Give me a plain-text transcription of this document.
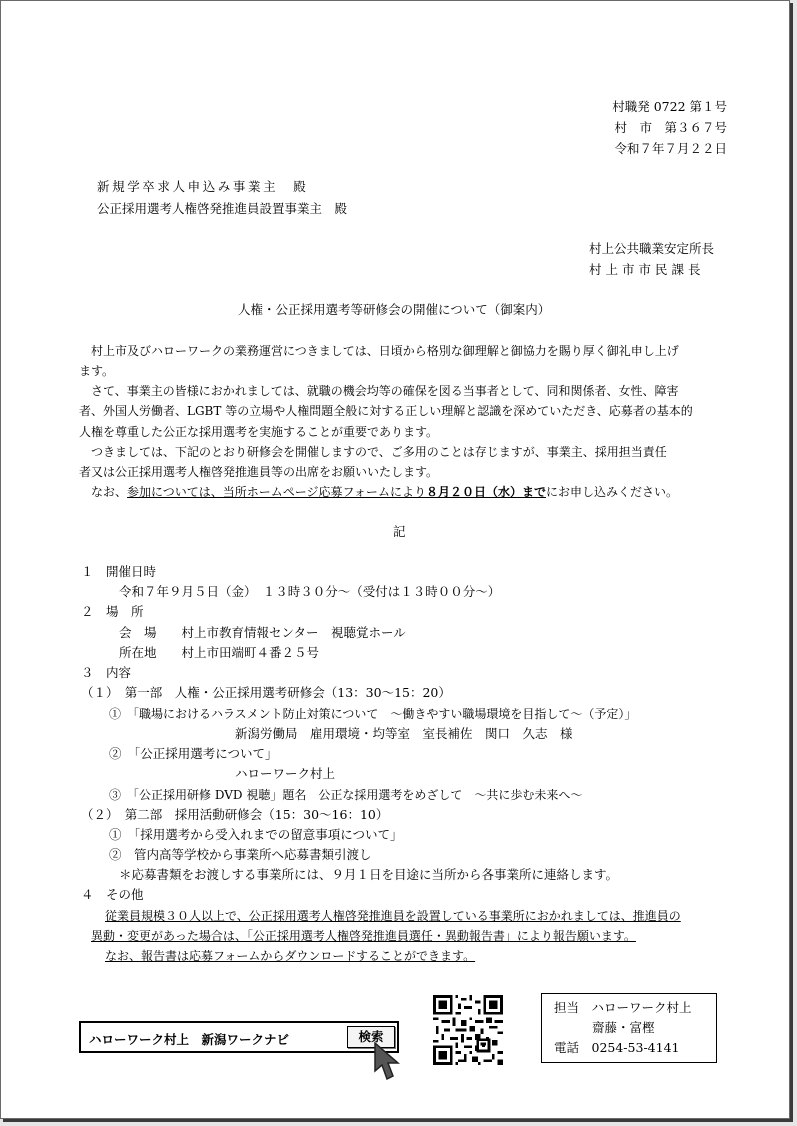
村職発 0722 第１号
村　市　第３６７号
令和７年７月２２日
新規学卒求人申込み事業主　殿
公正採用選考人権啓発推進員設置事業主　殿
村上公共職業安定所長
村上市市民課長
人権・公正採用選考等研修会の開催について（御案内）
村上市及びハローワークの業務運営につきましては、日頃から格別な御理解と御協力を賜り厚く御礼申し上げ
ます。
さて、事業主の皆様におかれましては、就職の機会均等の確保を図る当事者として、同和関係者、女性、障害
者、外国人労働者、LGBT 等の立場や人権問題全般に対する正しい理解と認識を深めていただき、応募者の基本的
人権を尊重した公正な採用選考を実施することが重要であります。
つきましては、下記のとおり研修会を開催しますので、ご多用のことは存じますが、事業主、採用担当責任
者又は公正採用選考人権啓発推進員等の出席をお願いいたします。
なお、参加については、当所ホームページ応募フォームにより８月２０日（水）までにお申し込みください。
記
１　開催日時
令和７年９月５日（金）　１３時３０分～（受付は１３時００分～）
２　場　所
会　場　　村上市教育情報センター　視聴覚ホール
所在地　　村上市田端町４番２５号
３　内容
（１）　第一部　人権・公正採用選考研修会（13：30～15：20）
①　「職場におけるハラスメント防止対策について　～働きやすい職場環境を目指して～（予定）」
新潟労働局　雇用環境・均等室　室長補佐　関口　久志　様
②　「公正採用選考について」
ハローワーク村上
③　「公正採用研修 DVD 視聴」題名　公正な採用選考をめざして　～共に歩む未来へ～
（２）　第二部　採用活動研修会（15：30～16：10）
①　「採用選考から受入れまでの留意事項について」
②　管内高等学校から事業所へ応募書類引渡し
＊応募書類をお渡しする事業所には、９月１日を目途に当所から各事業所に連絡します。
４　その他
従業員規模３０人以上で、公正採用選考人権啓発推進員を設置している事業所におかれましては、推進員の
異動・変更があった場合は、「公正採用選考人権啓発推進員選任・異動報告書」により報告願います。
なお、報告書は応募フォームからダウンロードすることができます。
ハローワーク村上　新潟ワークナビ	検索
担当　ハローワーク村上
齋藤・富樫
電話　0254-53-4141
